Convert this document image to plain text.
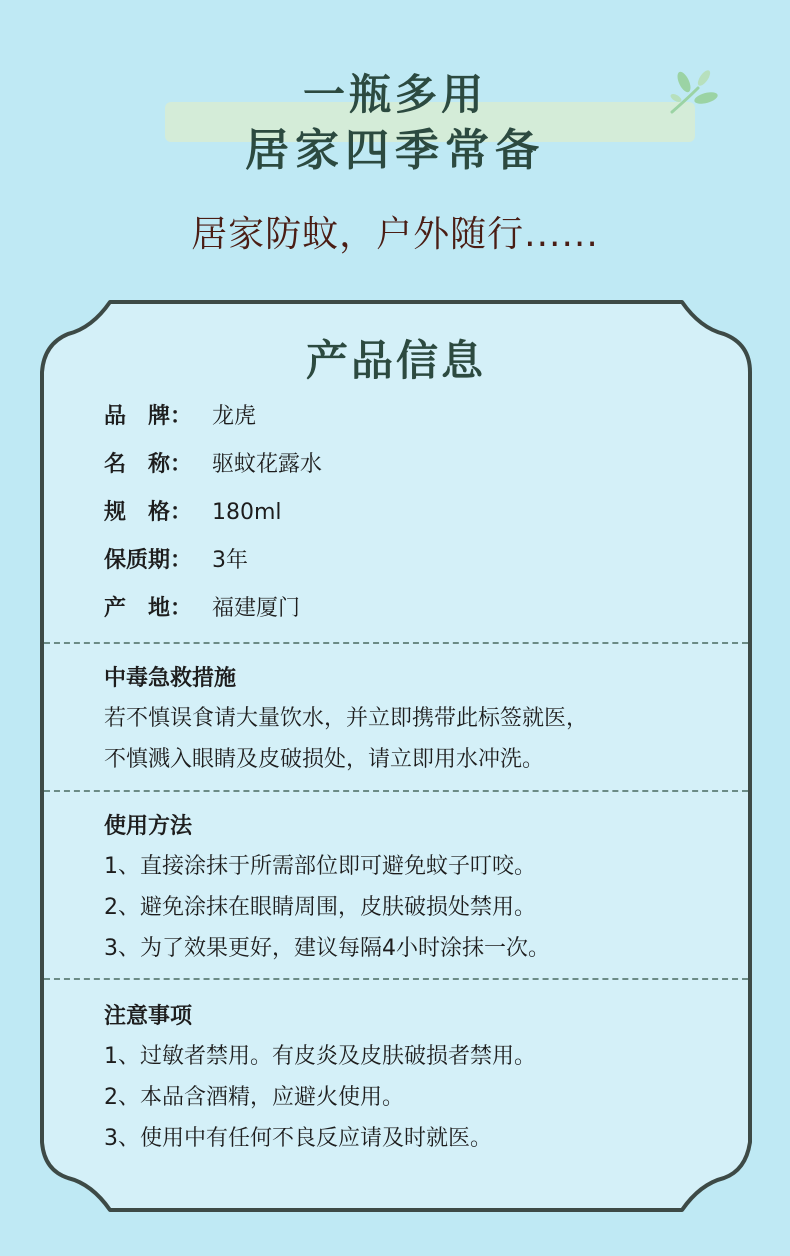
一瓶多用
居家四季常备
居家防蚊，户外随行......
产品信息
品　牌： 龙虎
名　称： 驱蚊花露水
规　格： 180ml
保质期： 3年
产　地： 福建厦门
中毒急救措施
若不慎误食请大量饮水，并立即携带此标签就医，
不慎溅入眼睛及皮破损处，请立即用水冲洗。
使用方法
1、直接涂抹于所需部位即可避免蚊子叮咬。
2、避免涂抹在眼睛周围，皮肤破损处禁用。
3、为了效果更好，建议每隔4小时涂抹一次。
注意事项
1、过敏者禁用。有皮炎及皮肤破损者禁用。
2、本品含酒精，应避火使用。
3、使用中有任何不良反应请及时就医。
